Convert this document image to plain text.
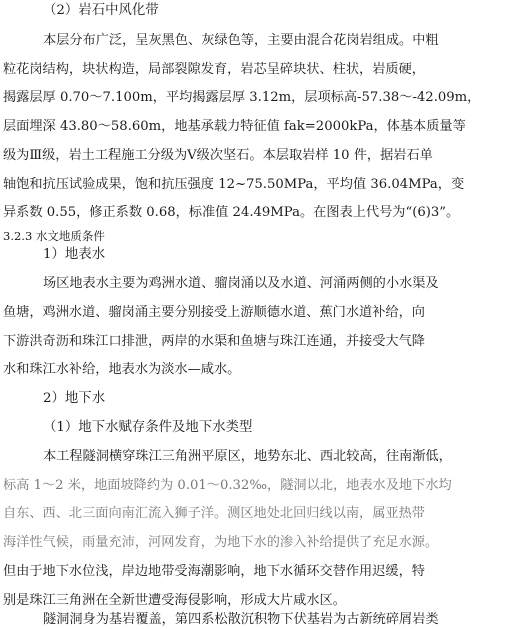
（2）岩石中风化带
本层分布广泛，呈灰黑色、灰绿色等，主要由混合花岗岩组成。中粗
粒花岗结构，块状构造，局部裂隙发育，岩芯呈碎块状、柱状，岩质硬，
揭露层厚 0.70～7.100m，平均揭露层厚 3.12m，层项标高-57.38～-42.09m，
层面埋深 43.80～58.60m，地基承载力特征值 fak=2000kPa，体基本质量等
级为Ⅲ级，岩土工程施工分级为Ⅴ级次坚石。本层取岩样 10 件，据岩石单
轴饱和抗压试验成果，饱和抗压强度 12~75.50MPa，平均值 36.04MPa，变
异系数 0.55，修正系数 0.68，标准值 24.49MPa。在图表上代号为“(6)3”。
3.2.3 水文地质条件
1）地表水
场区地表水主要为鸡洲水道、骝岗涌以及水道、河涌两侧的小水渠及
鱼塘，鸡洲水道、骝岗涌主要分别接受上游顺德水道、蕉门水道补给，向
下游洪奇沥和珠江口排泄，两岸的水渠和鱼塘与珠江连通，并接受大气降
水和珠江水补给，地表水为淡水—咸水。
2）地下水
（1）地下水赋存条件及地下水类型
本工程隧洞横穿珠江三角洲平原区，地势东北、西北较高，往南渐低，
标高 1～2 米，地面坡降约为 0.01～0.32‰，隧洞以北，地表水及地下水均
自东、西、北三面向南汇流入狮子洋。测区地处北回归线以南，属亚热带
海洋性气候，雨量充沛，河网发育，为地下水的渗入补给提供了充足水源。
但由于地下水位浅，岸边地带受海潮影响，地下水循环交替作用迟缓，特
别是珠江三角洲在全新世遭受海侵影响，形成大片咸水区。
隧洞洞身为基岩覆盖，第四系松散沉积物下伏基岩为古新统碎屑岩类
